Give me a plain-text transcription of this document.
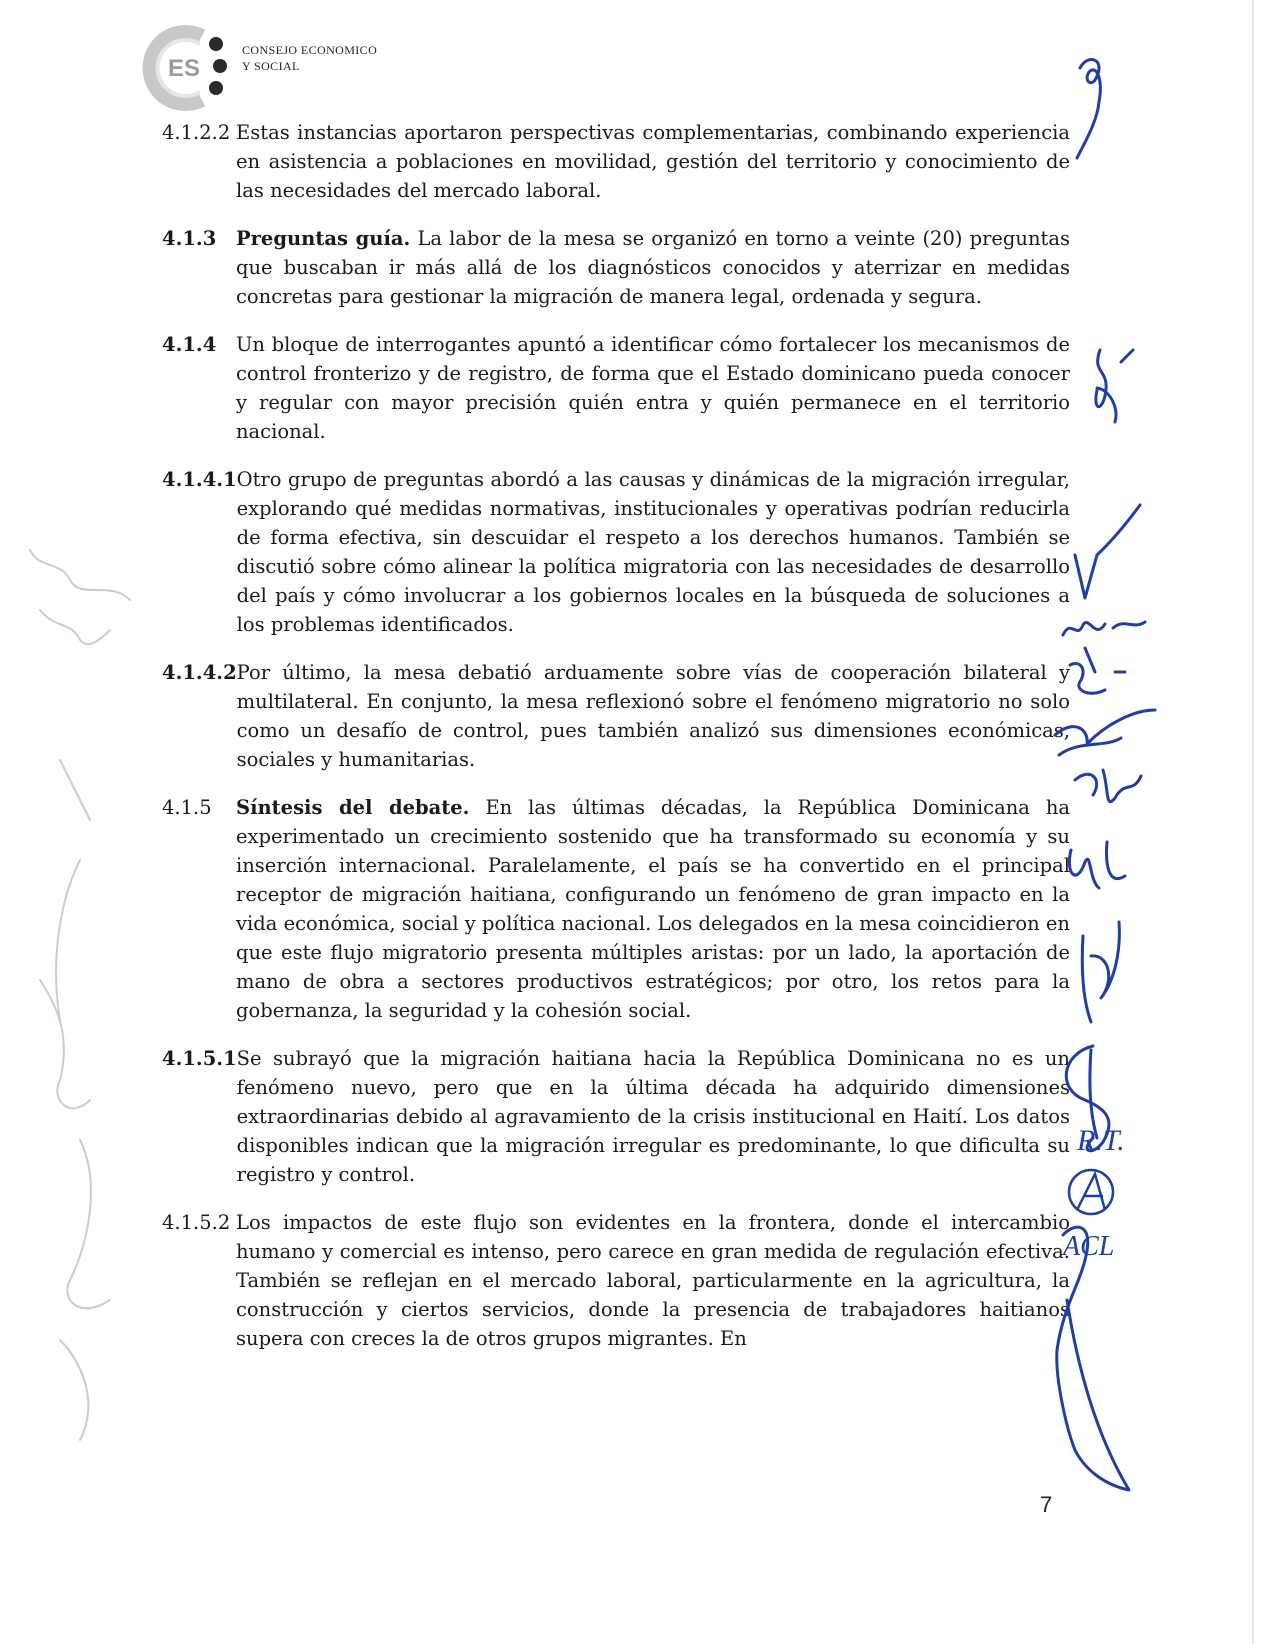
ES
CONSEJO ECONOMICO
Y SOCIAL
4.1.2.2 Estas instancias aportaron perspectivas complementarias, combinando experiencia en asistencia a poblaciones en movilidad, gestión del territorio y conocimiento de las necesidades del mercado laboral.
4.1.3	Preguntas guía. La labor de la mesa se organizó en torno a veinte (20) preguntas que buscaban ir más allá de los diagnósticos conocidos y aterrizar en medidas concretas para gestionar la migración de manera legal, ordenada y segura.
4.1.4	Un bloque de interrogantes apuntó a identificar cómo fortalecer los mecanismos de control fronterizo y de registro, de forma que el Estado dominicano pueda conocer y regular con mayor precisión quién entra y quién permanece en el territorio nacional.
4.1.4.1 Otro grupo de preguntas abordó a las causas y dinámicas de la migración irregular, explorando qué medidas normativas, institucionales y operativas podrían reducirla de forma efectiva, sin descuidar el respeto a los derechos humanos. También se discutió sobre cómo alinear la política migratoria con las necesidades de desarrollo del país y cómo involucrar a los gobiernos locales en la búsqueda de soluciones a los problemas identificados.
4.1.4.2 Por último, la mesa debatió arduamente sobre vías de cooperación bilateral y multilateral. En conjunto, la mesa reflexionó sobre el fenómeno migratorio no solo como un desafío de control, pues también analizó sus dimensiones económicas, sociales y humanitarias.
4.1.5	Síntesis del debate. En las últimas décadas, la República Dominicana ha experimentado un crecimiento sostenido que ha transformado su economía y su inserción internacional. Paralelamente, el país se ha convertido en el principal receptor de migración haitiana, configurando un fenómeno de gran impacto en la vida económica, social y política nacional. Los delegados en la mesa coincidieron en que este flujo migratorio presenta múltiples aristas: por un lado, la aportación de mano de obra a sectores productivos estratégicos; por otro, los retos para la gobernanza, la seguridad y la cohesión social.
4.1.5.1 Se subrayó que la migración haitiana hacia la República Dominicana no es un fenómeno nuevo, pero que en la última década ha adquirido dimensiones extraordinarias debido al agravamiento de la crisis institucional en Haití. Los datos disponibles indican que la migración irregular es predominante, lo que dificulta su registro y control.
4.1.5.2 Los impactos de este flujo son evidentes en la frontera, donde el intercambio humano y comercial es intenso, pero carece en gran medida de regulación efectiva. También se reflejan en el mercado laboral, particularmente en la agricultura, la construcción y ciertos servicios, donde la presencia de trabajadores haitianos supera con creces la de otros grupos migrantes. En
7
R.T.
ACL
